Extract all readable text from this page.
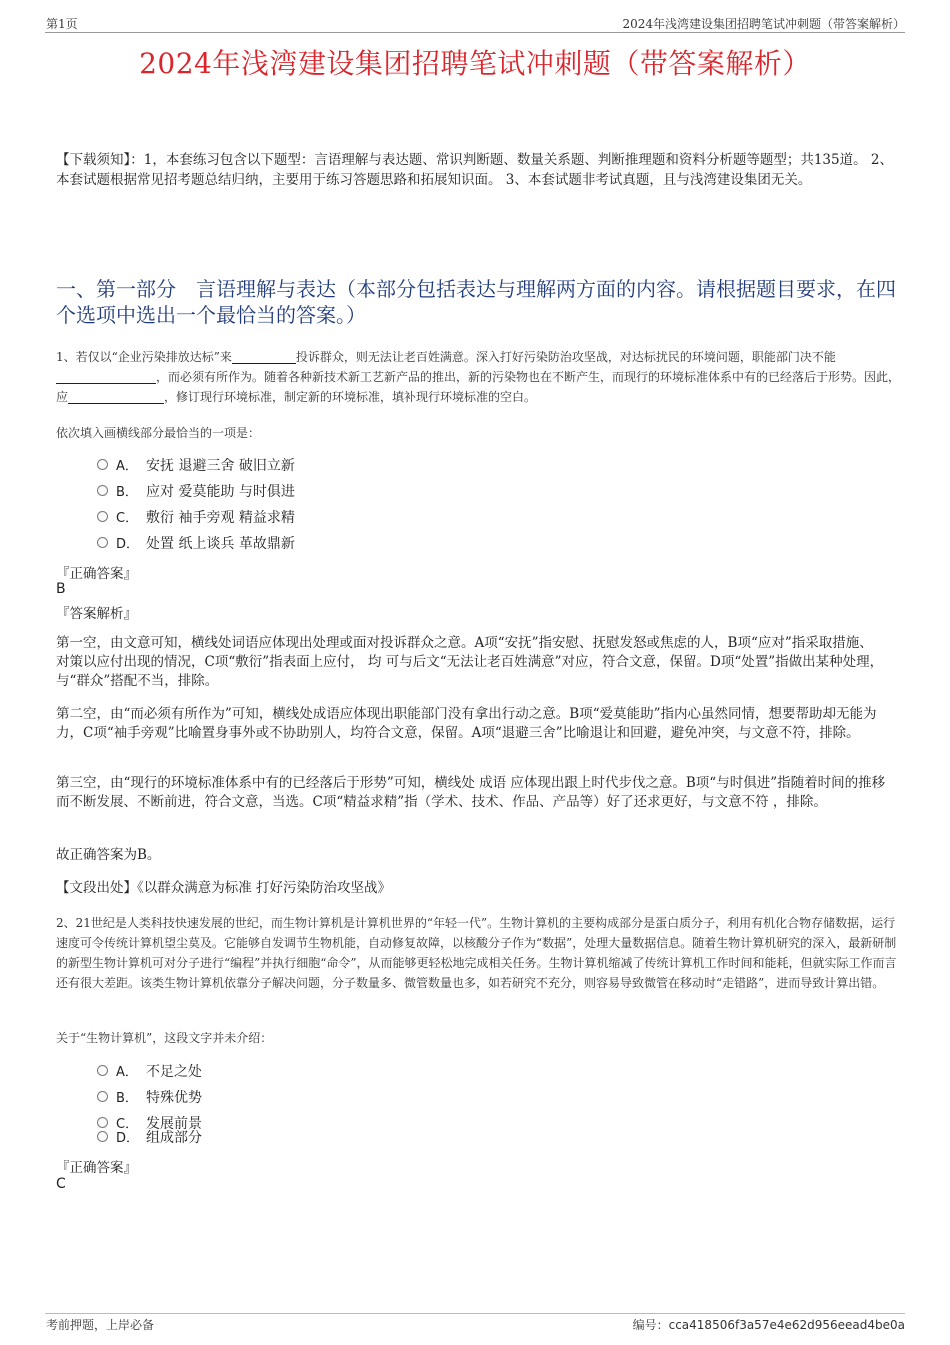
第1页	2024年浅湾建设集团招聘笔试冲刺题（带答案解析）
2024年浅湾建设集团招聘笔试冲刺题（带答案解析）
【下载须知】：1，本套练习包含以下题型：言语理解与表达题、常识判断题、数量关系题、判断推理题和资料分析题等题型；共135道。 2、本套试题根据常见招考题总结归纳，主要用于练习答题思路和拓展知识面。 3、本套试题非考试真题，且与浅湾建设集团无关。
一、第一部分　言语理解与表达（本部分包括表达与理解两方面的内容。请根据题目要求，在四个选项中选出一个最恰当的答案。）
1、若仅以“企业污染排放达标”来	投诉群众，则无法让老百姓满意。深入打好污染防治攻坚战，对达标扰民的环境问题，职能部门决不能，而必须有所作为。随着各种新技术新工艺新产品的推出，新的污染物也在不断产生，而现行的环境标准体系中有的已经落后于形势。因此，应	，修订现行环境标准，制定新的环境标准，填补现行环境标准的空白。
依次填入画横线部分最恰当的一项是：
A． 安抚 退避三舍 破旧立新
B． 应对 爱莫能助 与时俱进
C． 敷衍 袖手旁观 精益求精
D． 处置 纸上谈兵 革故鼎新
『正确答案』
B
『答案解析』
第一空，由文意可知，横线处词语应体现出处理或面对投诉群众之意。A项“安抚”指安慰、抚慰发怒或焦虑的人，B项“应对”指采取措施、对策以应付出现的情况，C项“敷衍”指表面上应付， 均 可与后文“无法让老百姓满意”对应，符合文意，保留。D项“处置”指做出某种处理，与“群众”搭配不当，排除。
第二空，由“而必须有所作为”可知，横线处成语应体现出职能部门没有拿出行动之意。B项“爱莫能助”指内心虽然同情，想要帮助却无能为力，C项“袖手旁观”比喻置身事外或不协助别人，均符合文意，保留。A项“退避三舍”比喻退让和回避，避免冲突，与文意不符，排除。
第三空，由“现行的环境标准体系中有的已经落后于形势”可知，横线处 成语 应体现出跟上时代步伐之意。B项“与时俱进”指随着时间的推移而不断发展、不断前进，符合文意，当选。C项“精益求精”指（学术、技术、作品、产品等）好了还求更好，与文意不符 ，排除。
故正确答案为B。
【文段出处】《以群众满意为标准 打好污染防治攻坚战》
2、21世纪是人类科技快速发展的世纪，而生物计算机是计算机世界的“年轻一代”。生物计算机的主要构成部分是蛋白质分子，利用有机化合物存储数据，运行速度可令传统计算机望尘莫及。它能够自发调节生物机能，自动修复故障，以核酸分子作为“数据”，处理大量数据信息。随着生物计算机研究的深入，最新研制的新型生物计算机可对分子进行“编程”并执行细胞“命令”，从而能够更轻松地完成相关任务。生物计算机缩减了传统计算机工作时间和能耗，但就实际工作而言还有很大差距。该类生物计算机依靠分子解决问题，分子数量多、微管数量也多，如若研究不充分，则容易导致微管在移动时“走错路”，进而导致计算出错。
关于“生物计算机”，这段文字并未介绍：
A． 不足之处
B． 特殊优势
C． 发展前景
D． 组成部分
『正确答案』
C
考前押题，上岸必备	编号：cca418506f3a57e4e62d956eead4be0a
